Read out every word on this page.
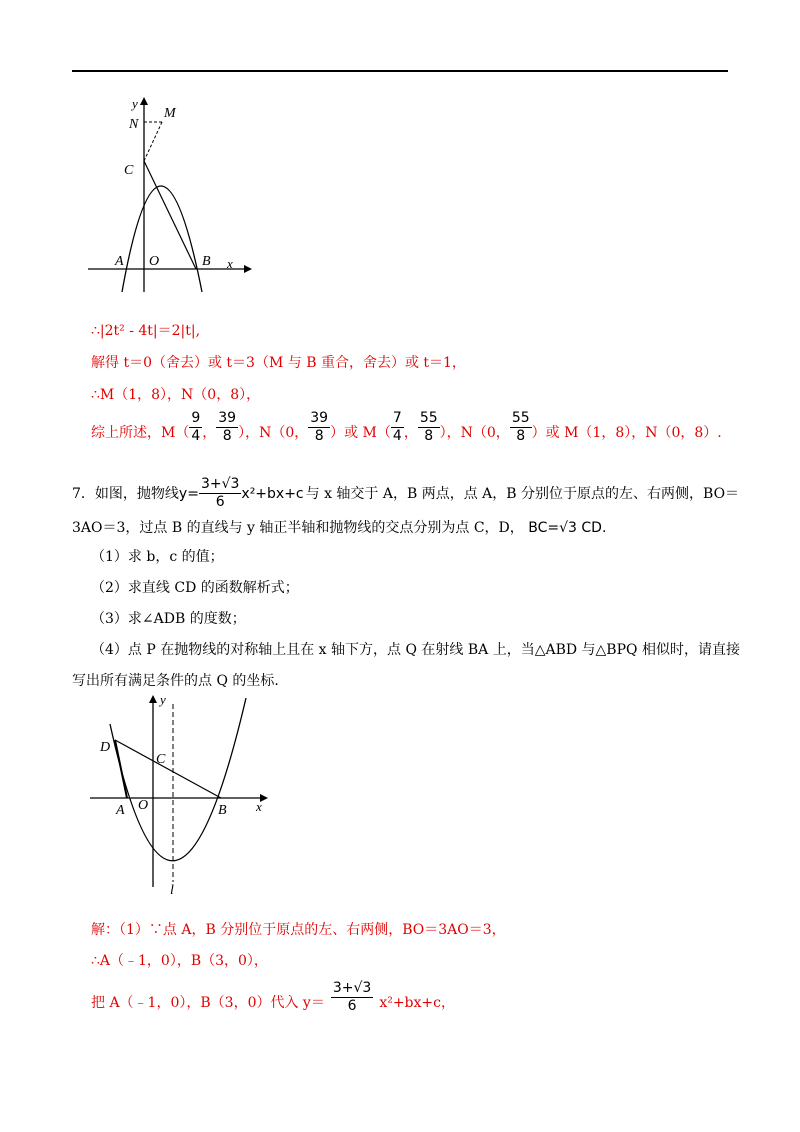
y
M
N
C
A O	B x
∴|2t² - 4t|＝2|t|,
解得 t＝0（舍去）或 t＝3（M 与 B 重合，舍去）或 t＝1，
∴M（1，8），N（0，8），
综上所述，$M( \frac{9}{4}$ ， $\frac{39}{8}$ ），N（0， $\frac{39}{8}$ ）或 $M( \frac{7}{4}$ ， $\frac{55}{8}$ ），N（0， $\frac{55}{8}$ ）或 M（1，8），N（0，8）.
7．如图，抛物线 $y= \frac{3+√3}{6} x^2+bx+c$ 与 x 轴交于 A，B 两点，点 A，B 分别位于原点的左、右两侧，BO＝
3AO＝3，过点 B 的直线与 y 轴正半轴和抛物线的交点分别为点 C，D， BC=√3 CD.
（1）求 b，c 的值；
（2）求直线 CD 的函数解析式；
（3）求∠ADB 的度数；
（4）点 P 在抛物线的对称轴上且在 x 轴下方，点 Q 在射线 BA 上，当△ABD 与△BPQ 相似时，请直接
写出所有满足条件的点 Q 的坐标.
y
D
C
A O	B x
l
解：（1）∵点 A，B 分别位于原点的左、右两侧，BO＝3AO＝3，
∴A（﹣1，0），B（3，0），
把 A（﹣1，0），B（3，0）代入 $y= \frac{3+√3}{6} x^2+bx+c$，
